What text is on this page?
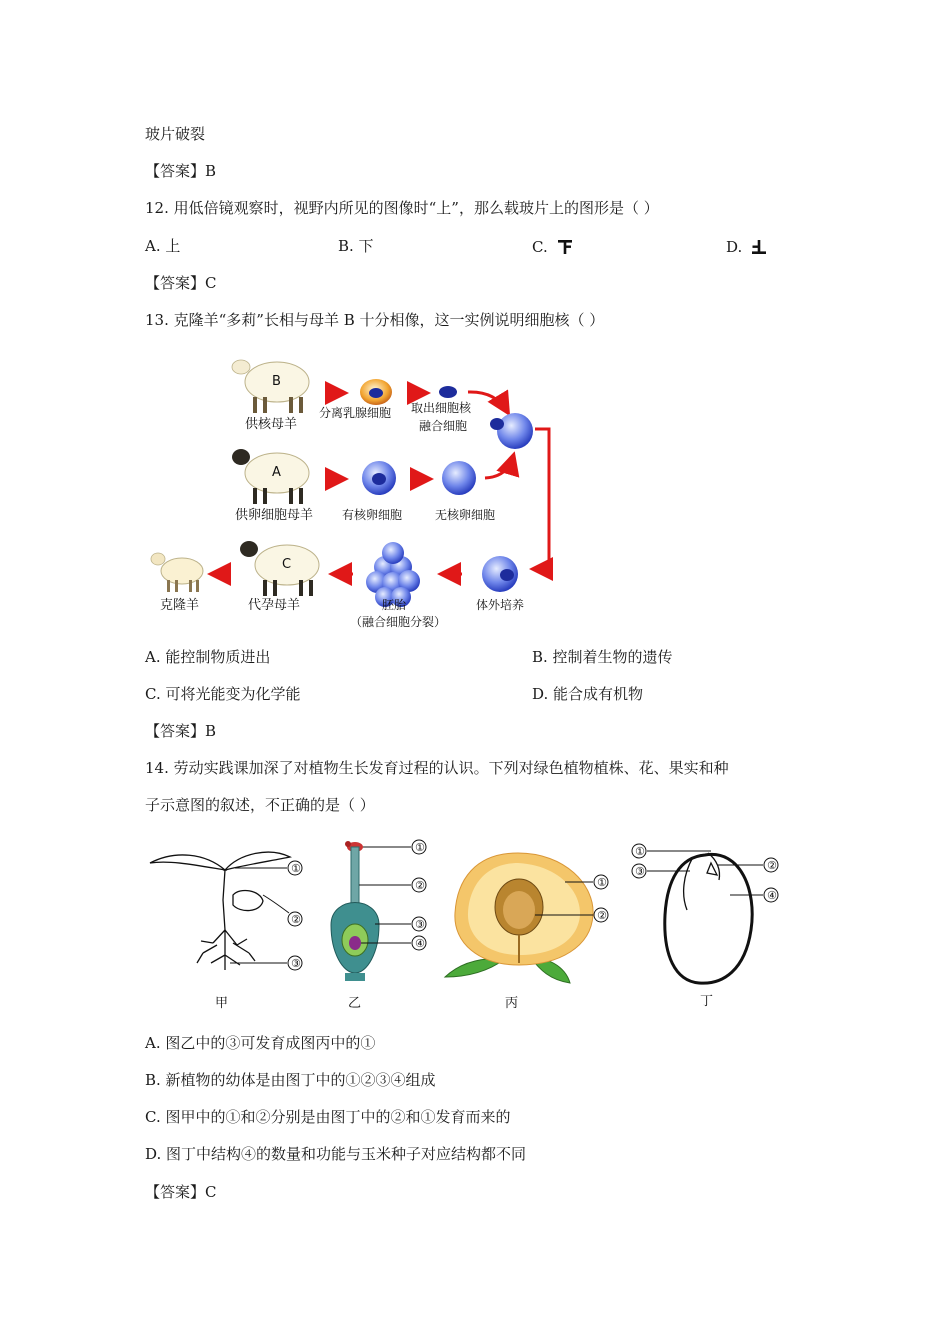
玻片破裂
【答案】B
12. 用低倍镜观察时，视野内所见的图像时“上”，那么载玻片上的图形是（ ）
A. 上	B. 下	C.	D.
【答案】C
13. 克隆羊“多莉”长相与母羊 B 十分相像，这一实例说明细胞核（ ）
B
供核母羊
分离乳腺细胞 取出细胞核
融合细胞
A
供卵细胞母羊 有核卵细胞	无核卵细胞
体外培养
胚胎
（融合细胞分裂）
C
代孕母羊
克隆羊
A. 能控制物质进出	B. 控制着生物的遗传
C. 可将光能变为化学能	D. 能合成有机物
【答案】B
14. 劳动实践课加深了对植物生长发育过程的认识。下列对绿色植物植株、花、果实和种
子示意图的叙述，不正确的是（ ）
①
②
③
甲
①
②
③
④
乙
①
②
丙
①
③	②
④
丁
A. 图乙中的③可发育成图丙中的①
B. 新植物的幼体是由图丁中的①②③④组成
C. 图甲中的①和②分别是由图丁中的②和①发育而来的
D. 图丁中结构④的数量和功能与玉米种子对应结构都不同
【答案】C
